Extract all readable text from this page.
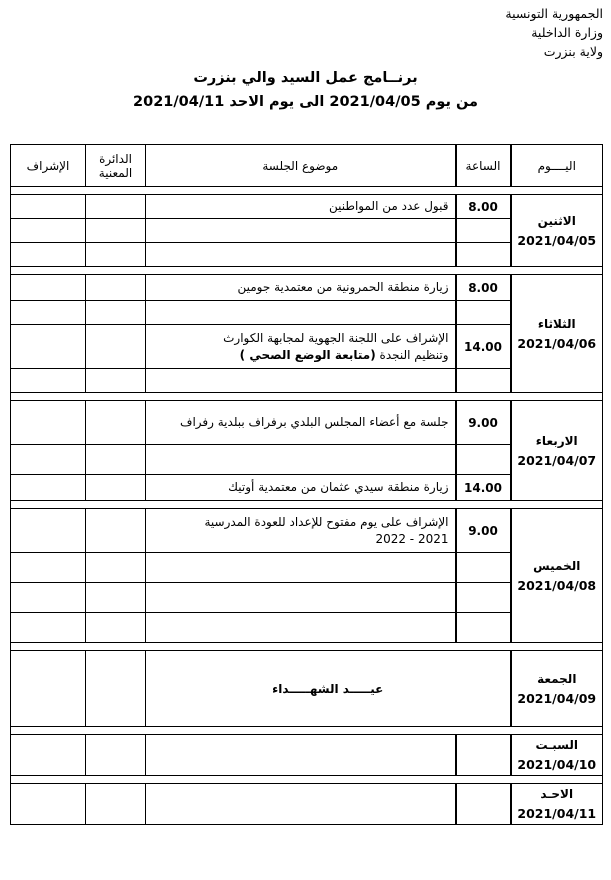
الجمهورية التونسية
وزارة الداخلية
ولاية بنزرت
برنــامج عمل السيد والي بنزرت
من يوم 2021/04/05 الى يوم الاحد 2021/04/11
الإشراف	الدائرة المعنية	موضوع الجلسة	الساعة	اليــــوم

		قبول عدد من المواطنين	8.00	الاثنين
2021/04/05

		زيارة منطقة الحمرونية من معتمدية جومين	8.00	الثلاثاء
2021/04/06

		الإشراف على اللجنة الجهوية لمجابهة الكوارث
وتنظيم النجدة (متابعة الوضع الصحي )	14.00	

		جلسة مع أعضاء المجلس البلدي برفراف ببلدية رفراف	9.00	الاربعاء
2021/04/07

		زيارة منطقة سيدي عثمان من معتمدية أوتيك	14.00	

		الإشراف على يوم مفتوح للإعداد للعودة المدرسية
2021 - 2022	9.00	الخميس
2021/04/08

		عيـــــد الشهـــــداء		الجمعة
2021/04/09

				السبـت
2021/04/10

				الاحـد
2021/04/11
